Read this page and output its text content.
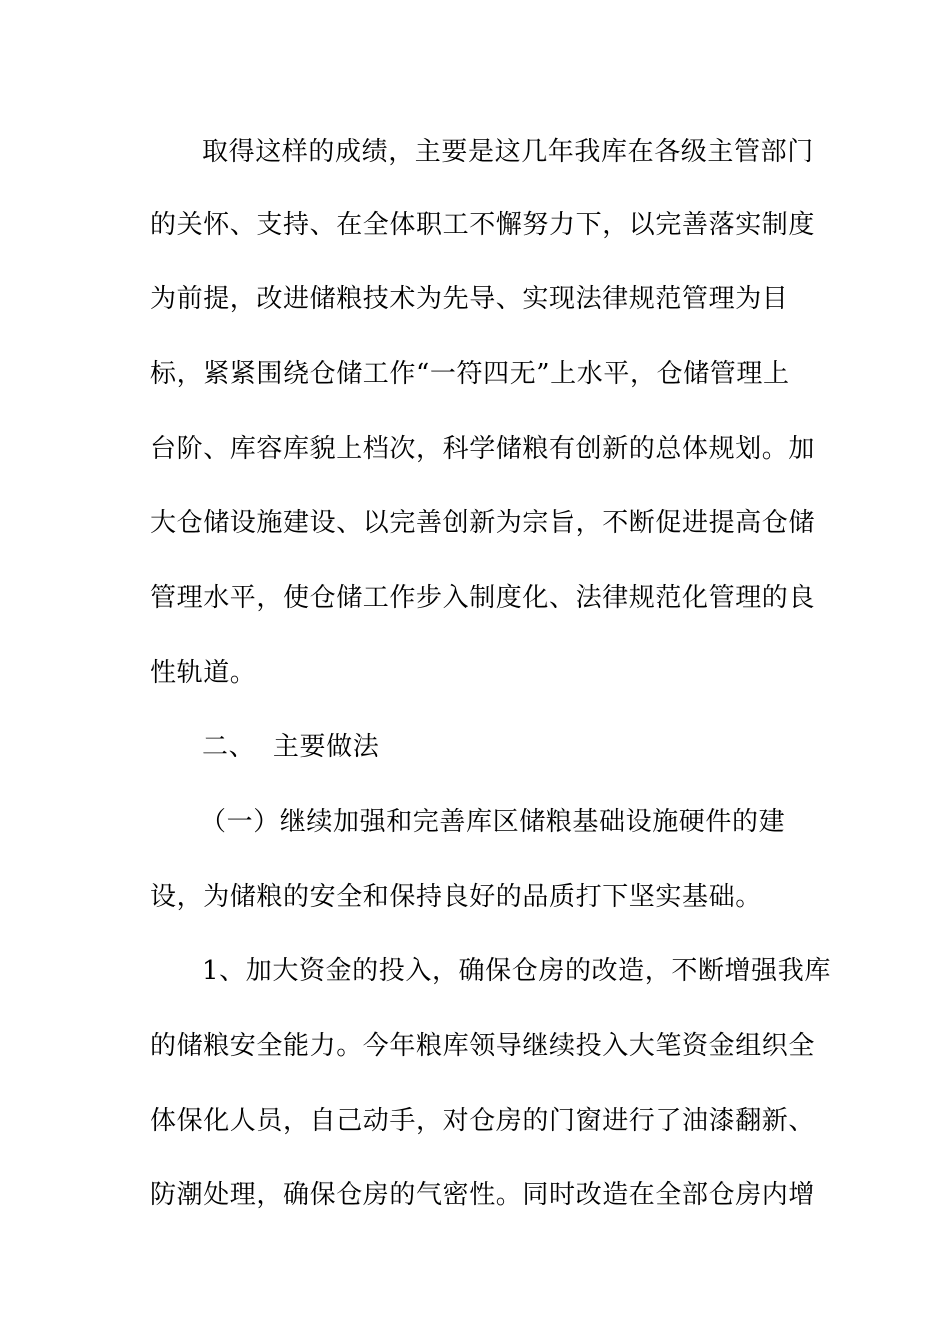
取得这样的成绩，主要是这几年我库在各级主管部门
的关怀、支持、在全体职工不懈努力下，以完善落实制度
为前提，改进储粮技术为先导、实现法律规范管理为目
标，紧紧围绕仓储工作“一符四无”上水平，仓储管理上
台阶、库容库貌上档次，科学储粮有创新的总体规划。加
大仓储设施建设、以完善创新为宗旨，不断促进提高仓储
管理水平，使仓储工作步入制度化、法律规范化管理的良
性轨道。
二、  主要做法
（一）继续加强和完善库区储粮基础设施硬件的建
设，为储粮的安全和保持良好的品质打下坚实基础。
1、加大资金的投入，确保仓房的改造，不断增强我库
的储粮安全能力。今年粮库领导继续投入大笔资金组织全
体保化人员，自己动手，对仓房的门窗进行了油漆翻新、
防潮处理，确保仓房的气密性。同时改造在全部仓房内增
